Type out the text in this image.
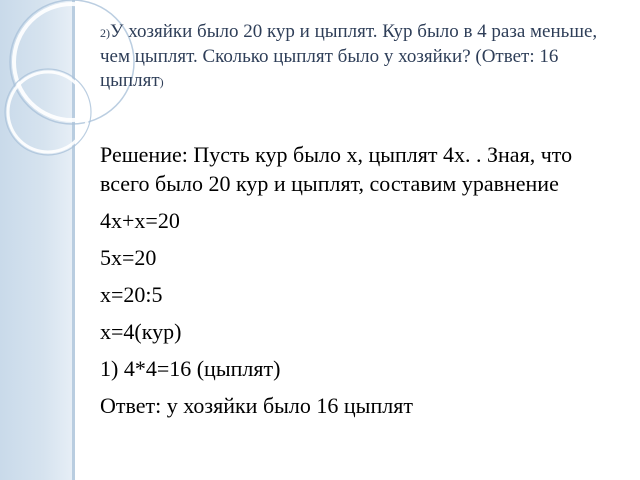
2)У хозяйки было 20 кур и цыплят. Кур было в 4 раза меньше, чем цыплят. Сколько цыплят было у хозяйки? (Ответ: 16 цыплят)

Решение: Пусть кур было х, цыплят 4х. . Зная, что всего было 20 кур и цыплят, составим уравнение

4х+х=20
5х=20
х=20:5
х=4(кур)
1) 4*4=16 (цыплят)
Ответ: у хозяйки было 16 цыплят
